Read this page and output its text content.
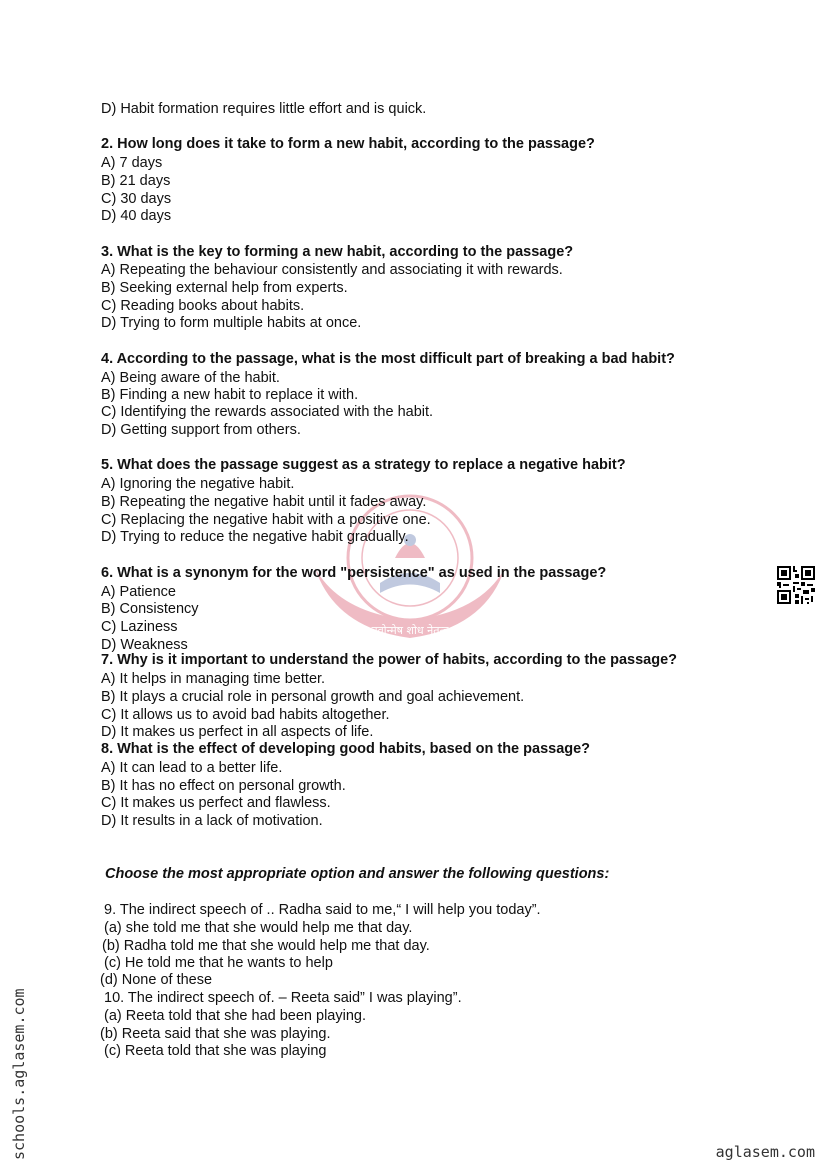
नवोन्मेष शोध नेतृत्व
D) Habit formation requires little effort and is quick.
2. How long does it take to form a new habit, according to the passage?
A) 7 days
B) 21 days
C) 30 days
D) 40 days
3. What is the key to forming a new habit, according to the passage?
A) Repeating the behaviour consistently and associating it with rewards.
B) Seeking external help from experts.
C) Reading books about habits.
D) Trying to form multiple habits at once.
4. According to the passage, what is the most difficult part of breaking a bad habit?
A) Being aware of the habit.
B) Finding a new habit to replace it with.
C) Identifying the rewards associated with the habit.
D) Getting support from others.
5. What does the passage suggest as a strategy to replace a negative habit?
A) Ignoring the negative habit.
B) Repeating the negative habit until it fades away.
C) Replacing the negative habit with a positive one.
D) Trying to reduce the negative habit gradually.
6. What is a synonym for the word "persistence" as used in the passage?
A) Patience
B) Consistency
C) Laziness
D) Weakness
7. Why is it important to understand the power of habits, according to the passage?
A) It helps in managing time better.
B) It plays a crucial role in personal growth and goal achievement.
C) It allows us to avoid bad habits altogether.
D) It makes us perfect in all aspects of life.
8. What is the effect of developing good habits, based on the passage?
A) It can lead to a better life.
B) It has no effect on personal growth.
C) It makes us perfect and flawless.
D) It results in a lack of motivation.
Choose the most appropriate option and answer the following questions:
9. The indirect speech of .. Radha said to me,“ I will help you today”.
(a) she told me that she would help me that day.
(b) Radha told me that she would help me that day.
(c) He told me that he wants to help
(d) None of these
10. The indirect speech of. – Reeta said” I was playing”.
(a) Reeta told that she had been playing.
(b) Reeta said that she was playing.
(c) Reeta told that she was playing
schools.aglasem.com	aglasem.com
